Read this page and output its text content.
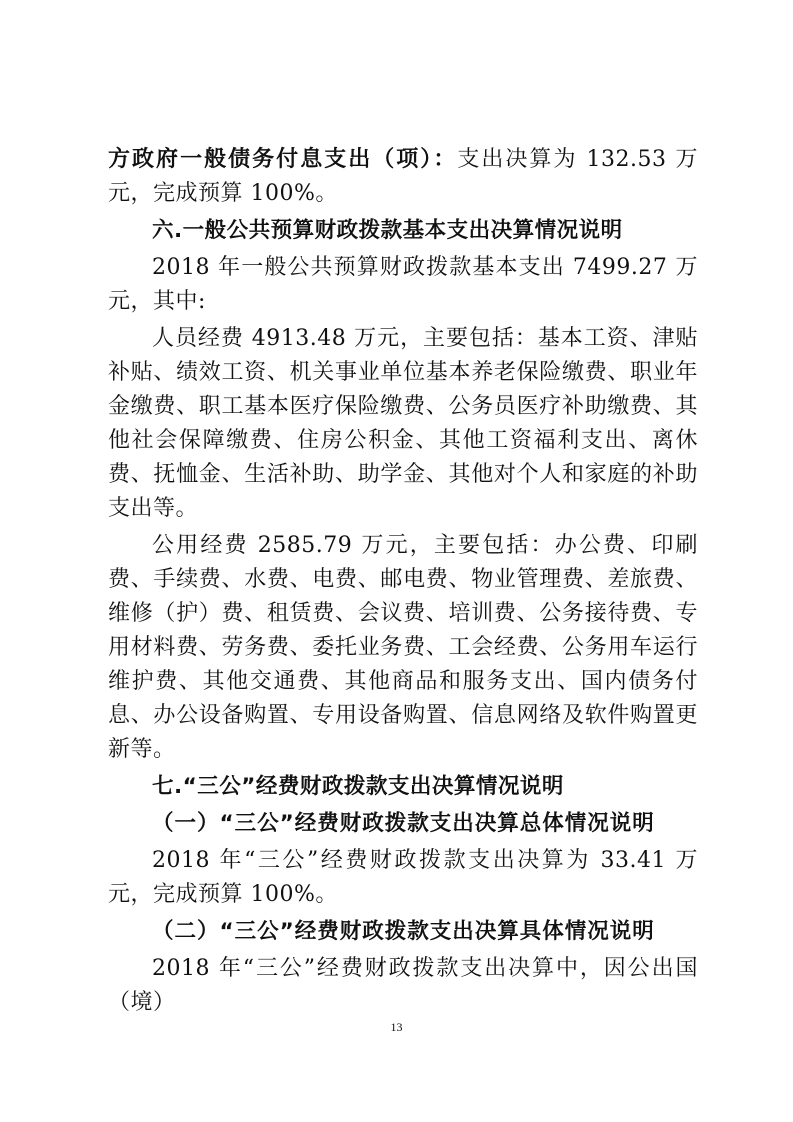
方政府一般债务付息支出（项）：支出决算为 132.53 万元，完成预算 100%。

六.一般公共预算财政拨款基本支出决算情况说明

2018 年一般公共预算财政拨款基本支出 7499.27 万元，其中:

人员经费 4913.48 万元，主要包括：基本工资、津贴补贴、绩效工资、机关事业单位基本养老保险缴费、职业年金缴费、职工基本医疗保险缴费、公务员医疗补助缴费、其他社会保障缴费、住房公积金、其他工资福利支出、离休费、抚恤金、生活补助、助学金、其他对个人和家庭的补助支出等。

公用经费 2585.79 万元，主要包括：办公费、印刷费、手续费、水费、电费、邮电费、物业管理费、差旅费、维修（护）费、租赁费、会议费、培训费、公务接待费、专用材料费、劳务费、委托业务费、工会经费、公务用车运行维护费、其他交通费、其他商品和服务支出、国内债务付息、办公设备购置、专用设备购置、信息网络及软件购置更新等。

七.“三公”经费财政拨款支出决算情况说明

（一）“三公”经费财政拨款支出决算总体情况说明

2018 年“三公”经费财政拨款支出决算为 33.41 万元，完成预算 100%。

（二）“三公”经费财政拨款支出决算具体情况说明

2018 年“三公”经费财政拨款支出决算中，因公出国（境）

13
